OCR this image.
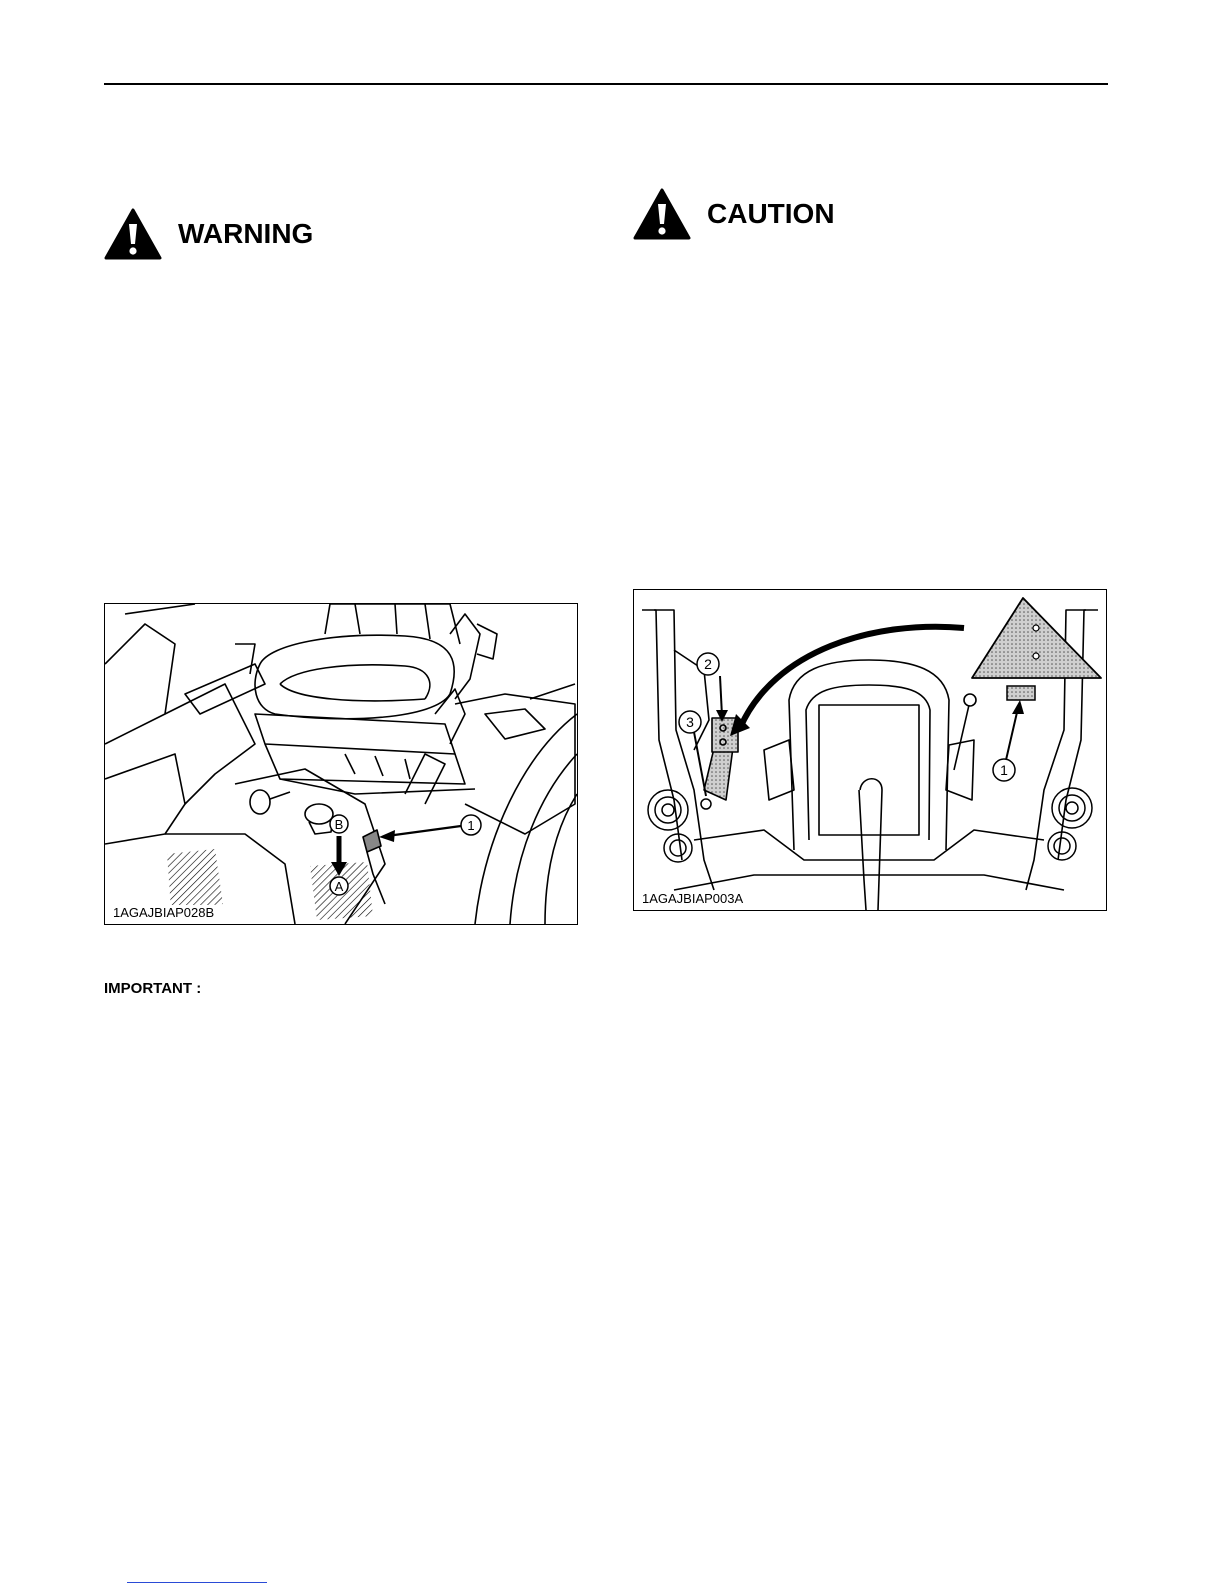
WARNING
CAUTION
B
A
1
1AGAJBIAP028B
1
2
3
1AGAJBIAP003A
IMPORTANT :
